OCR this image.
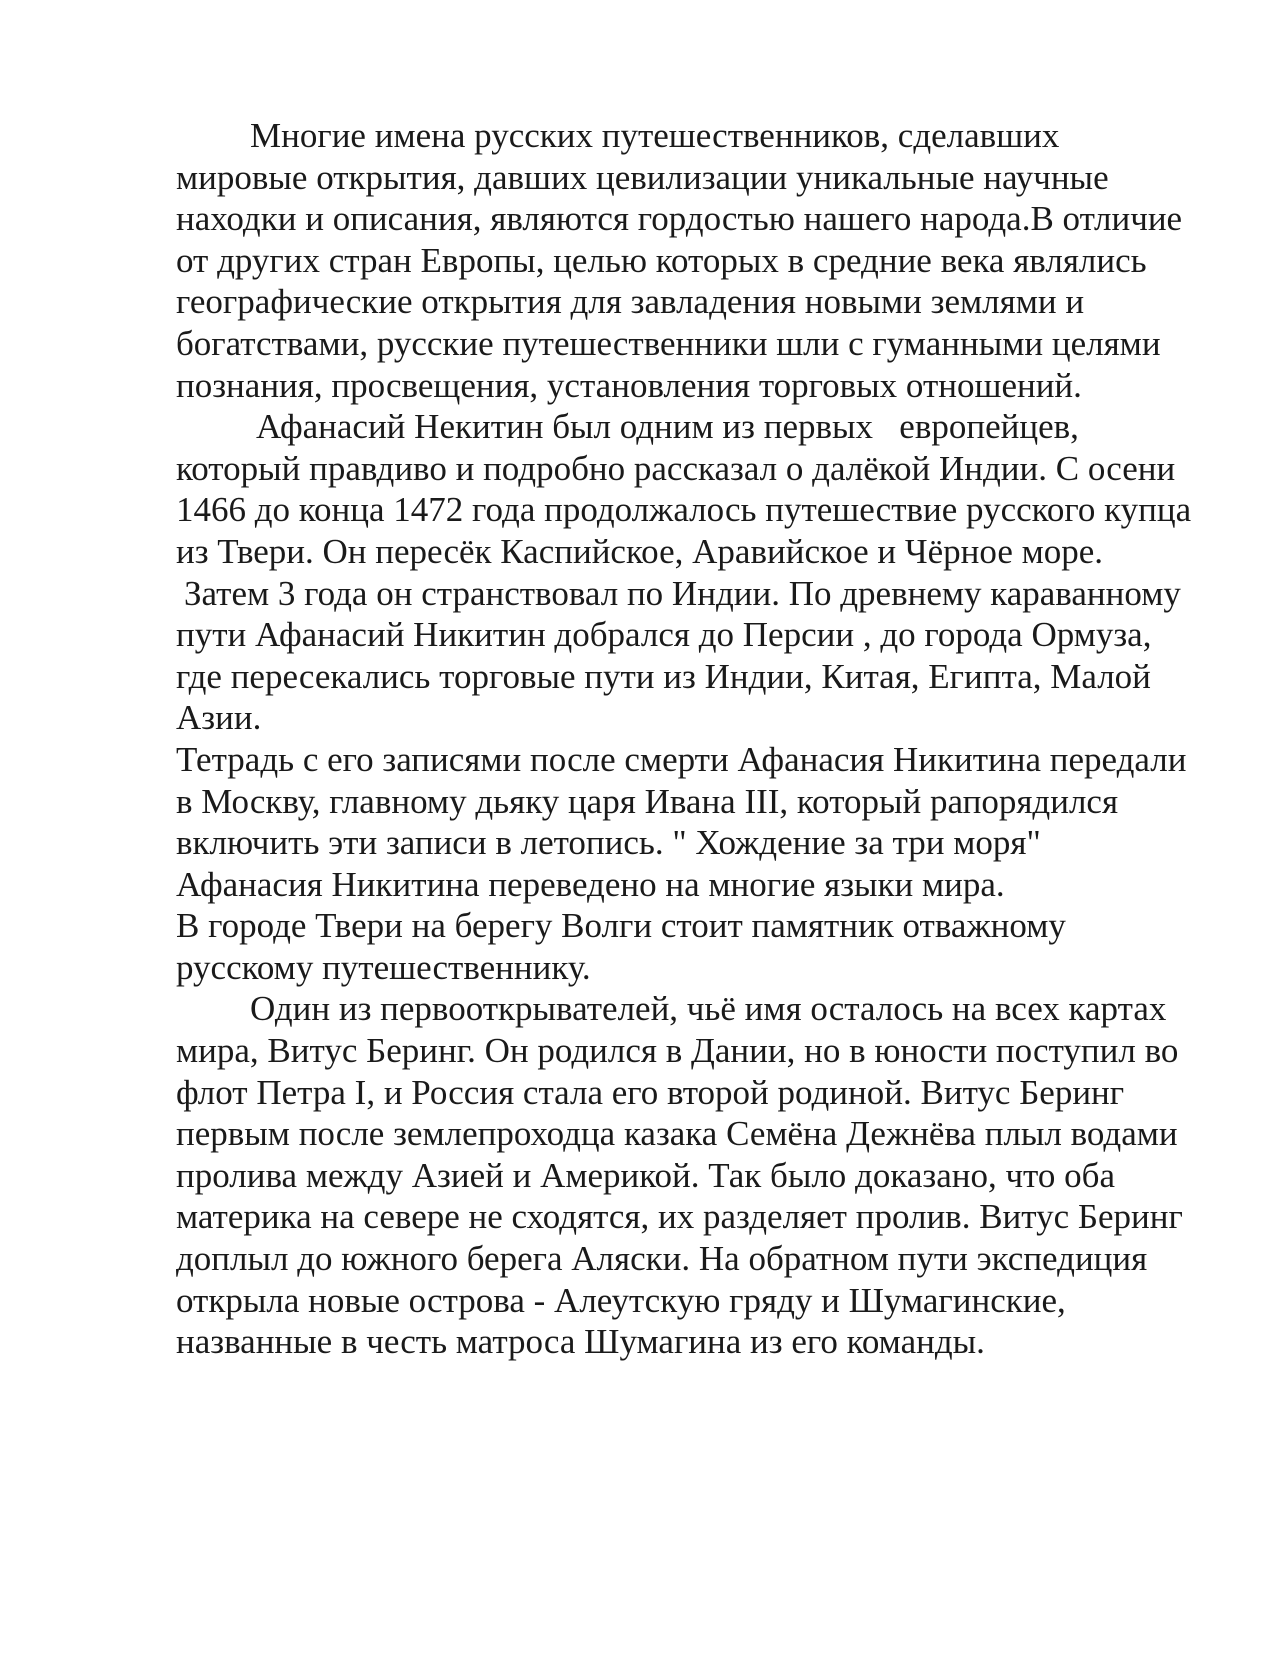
Многие имена русских путешественников, сделавших мировые открытия, давших цевилизации уникальные научные находки и описания, являются гордостью нашего народа.В отличие от других стран Европы, целью которых в средние века являлись географические открытия для завладения новыми землями и богатствами, русские путешественники шли с гуманными целями познания, просвещения, установления торговых отношений.

Афанасий Некитин был одним из первых   европейцев, который правдиво и подробно рассказал о далёкой Индии. С осени 1466 до конца 1472 года продолжалось путешествие русского купца из Твери. Он пересёк Каспийское, Аравийское и Чёрное море.

Затем 3 года он странствовал по Индии. По древнему караванному пути Афанасий Никитин добрался до Персии , до города Ормуза, где пересекались торговые пути из Индии, Китая, Египта, Малой Азии.

Тетрадь с его записями после смерти Афанасия Никитина передали в Москву, главному дьяку царя Ивана III, который рапорядился включить эти записи в летопись. " Хождение за три моря" Афанасия Никитина переведено на многие языки мира.

В городе Твери на берегу Волги стоит памятник отважному русскому путешественнику.

Один из первооткрывателей, чьё имя осталось на всех картах мира, Витус Беринг. Он родился в Дании, но в юности поступил во флот Петра I, и Россия стала его второй родиной. Витус Беринг первым после землепроходца казака Семёна Дежнёва плыл водами пролива между Азией и Америкой. Так было доказано, что оба материка на севере не сходятся, их разделяет пролив. Витус Беринг доплыл до южного берега Аляски. На обратном пути экспедиция открыла новые острова - Алеутскую гряду и Шумагинские, названные в честь матроса Шумагина из его команды.
